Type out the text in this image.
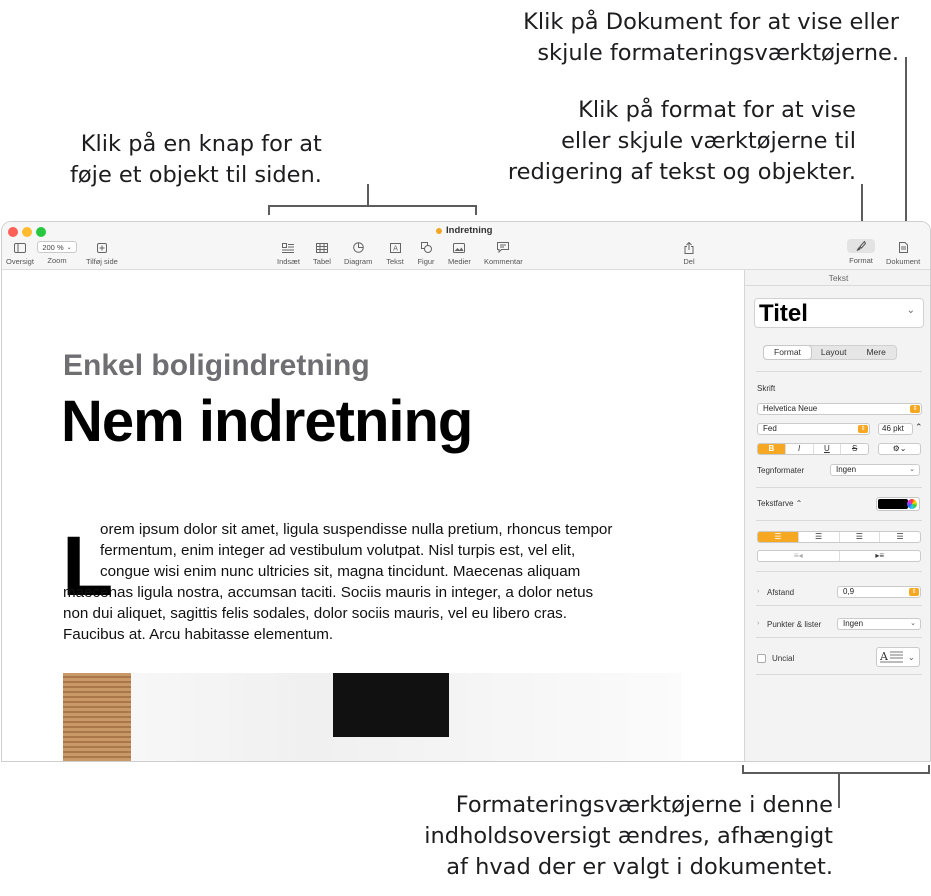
Klik på Dokument for at vise eller
skjule formateringsværktøjerne.
Klik på format for at vise
eller skjule værktøjerne til
redigering af tekst og objekter.
Klik på en knap for at
føje et objekt til siden.
Formateringsværktøjerne i denne
indholdsoversigt ændres, afhængigt
af hvad der er valgt i dokumentet.
Indretning
Oversigt
200 % ⌄
Zoom	Tilføj side	Indsæt Tabel Diagram
A
Tekst Figur Medier Kommentar	Del	Format Dokument
Enkel boligindretning
Nem indretning
L
orem ipsum dolor sit amet, ligula suspendisse nulla pretium, rhoncus tempor
fermentum, enim integer ad vestibulum volutpat. Nisl turpis est, vel elit,
congue wisi enim nunc ultricies sit, magna tincidunt. Maecenas aliquam
maecenas ligula nostra, accumsan taciti. Sociis mauris in integer, a dolor netus
non dui aliquet, sagittis felis sodales, dolor sociis mauris, vel eu libero cras.
Faucibus at. Arcu habitasse elementum.
Tekst
Titel	⌄
Format	Layout	Mere
Skrift
Helvetica Neue	⇕
Fed	⇕	46 pkt	⌃
B	I	U	S	⚙︎⌄
Tegnformater	Ingen	⌄
Tekstfarve ⌃
☰	☰	☰	☰
≡◂	▸≡
› Afstand	0,9	⇕
› Punkter & lister	Ingen	⌄
Uncial	A	⌄
